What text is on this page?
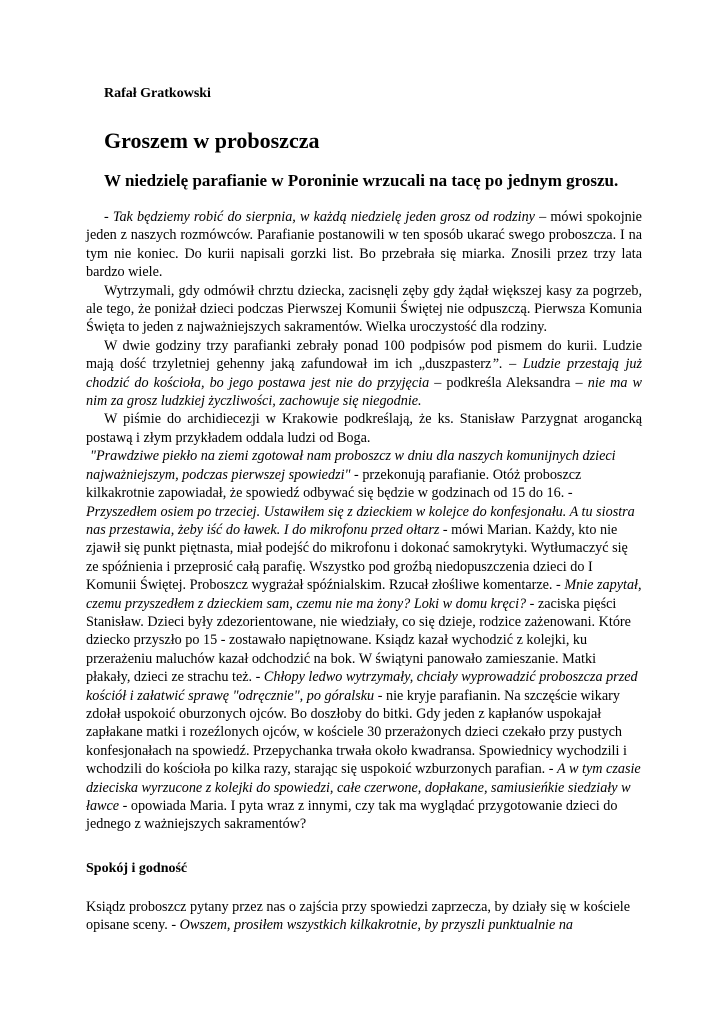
Rafał Gratkowski
Groszem w proboszcza
W niedzielę parafianie w Poroninie wrzucali na tacę po jednym groszu.

- Tak będziemy robić do sierpnia, w każdą niedzielę jeden grosz od rodziny – mówi spokojnie jeden z naszych rozmówców. Parafianie postanowili w ten sposób ukarać swego proboszcza. I na tym nie koniec. Do kurii napisali gorzki list. Bo przebrała się miarka. Znosili przez trzy lata bardzo wiele.

Wytrzymali, gdy odmówił chrztu dziecka, zacisnęli zęby gdy żądał większej kasy za pogrzeb, ale tego, że poniżał dzieci podczas Pierwszej Komunii Świętej nie odpuszczą. Pierwsza Komunia Święta to jeden z najważniejszych sakramentów. Wielka uroczystość dla rodziny.

W dwie godziny trzy parafianki zebrały ponad 100 podpisów pod pismem do kurii. Ludzie mają dość trzyletniej gehenny jaką zafundował im ich „duszpasterz”. – Ludzie przestają już chodzić do kościoła, bo jego postawa jest nie do przyjęcia – podkreśla Aleksandra – nie ma w nim za grosz ludzkiej życzliwości, zachowuje się niegodnie.

W piśmie do archidiecezji w Krakowie podkreślają, że ks. Stanisław Parzygnat arogancką postawą i złym przykładem oddala ludzi od Boga.

"Prawdziwe piekło na ziemi zgotował nam proboszcz w dniu dla naszych komunijnych dzieci najważniejszym, podczas pierwszej spowiedzi" - przekonują parafianie. Otóż proboszcz kilkakrotnie zapowiadał, że spowiedź odbywać się będzie w godzinach od 15 do 16. - Przyszedłem osiem po trzeciej. Ustawiłem się z dzieckiem w kolejce do konfesjonału. A tu siostra nas przestawia, żeby iść do ławek. I do mikrofonu przed ołtarz - mówi Marian. Każdy, kto nie zjawił się punkt piętnasta, miał podejść do mikrofonu i dokonać samokrytyki. Wytłumaczyć się ze spóźnienia i przeprosić całą parafię. Wszystko pod groźbą niedopuszczenia dzieci do I Komunii Świętej. Proboszcz wygrażał spóźnialskim. Rzucał złośliwe komentarze. - Mnie zapytał, czemu przyszedłem z dzieckiem sam, czemu nie ma żony? Loki w domu kręci? - zaciska pięści Stanisław. Dzieci były zdezorientowane, nie wiedziały, co się dzieje, rodzice zażenowani. Które dziecko przyszło po 15 - zostawało napiętnowane. Ksiądz kazał wychodzić z kolejki, ku przerażeniu maluchów kazał odchodzić na bok. W świątyni panowało zamieszanie. Matki płakały, dzieci ze strachu też. - Chłopy ledwo wytrzymały, chciały wyprowadzić proboszcza przed kościół i załatwić sprawę "odręcznie", po góralsku - nie kryje parafianin. Na szczęście wikary zdołał uspokoić oburzonych ojców. Bo doszłoby do bitki. Gdy jeden z kapłanów uspokajał zapłakane matki i rozeźlonych ojców, w kościele 30 przerażonych dzieci czekało przy pustych konfesjonałach na spowiedź. Przepychanka trwała około kwadransa. Spowiednicy wychodzili i wchodzili do kościoła po kilka razy, starając się uspokoić wzburzonych parafian. - A w tym czasie dzieciska wyrzucone z kolejki do spowiedzi, całe czerwone, dopłakane, samiusieńkie siedziały w ławce - opowiada Maria. I pyta wraz z innymi, czy tak ma wyglądać przygotowanie dzieci do jednego z ważniejszych sakramentów?

Spokój i godność

Ksiądz proboszcz pytany przez nas o zajścia przy spowiedzi zaprzecza, by działy się w kościele opisane sceny. - Owszem, prosiłem wszystkich kilkakrotnie, by przyszli punktualnie na
